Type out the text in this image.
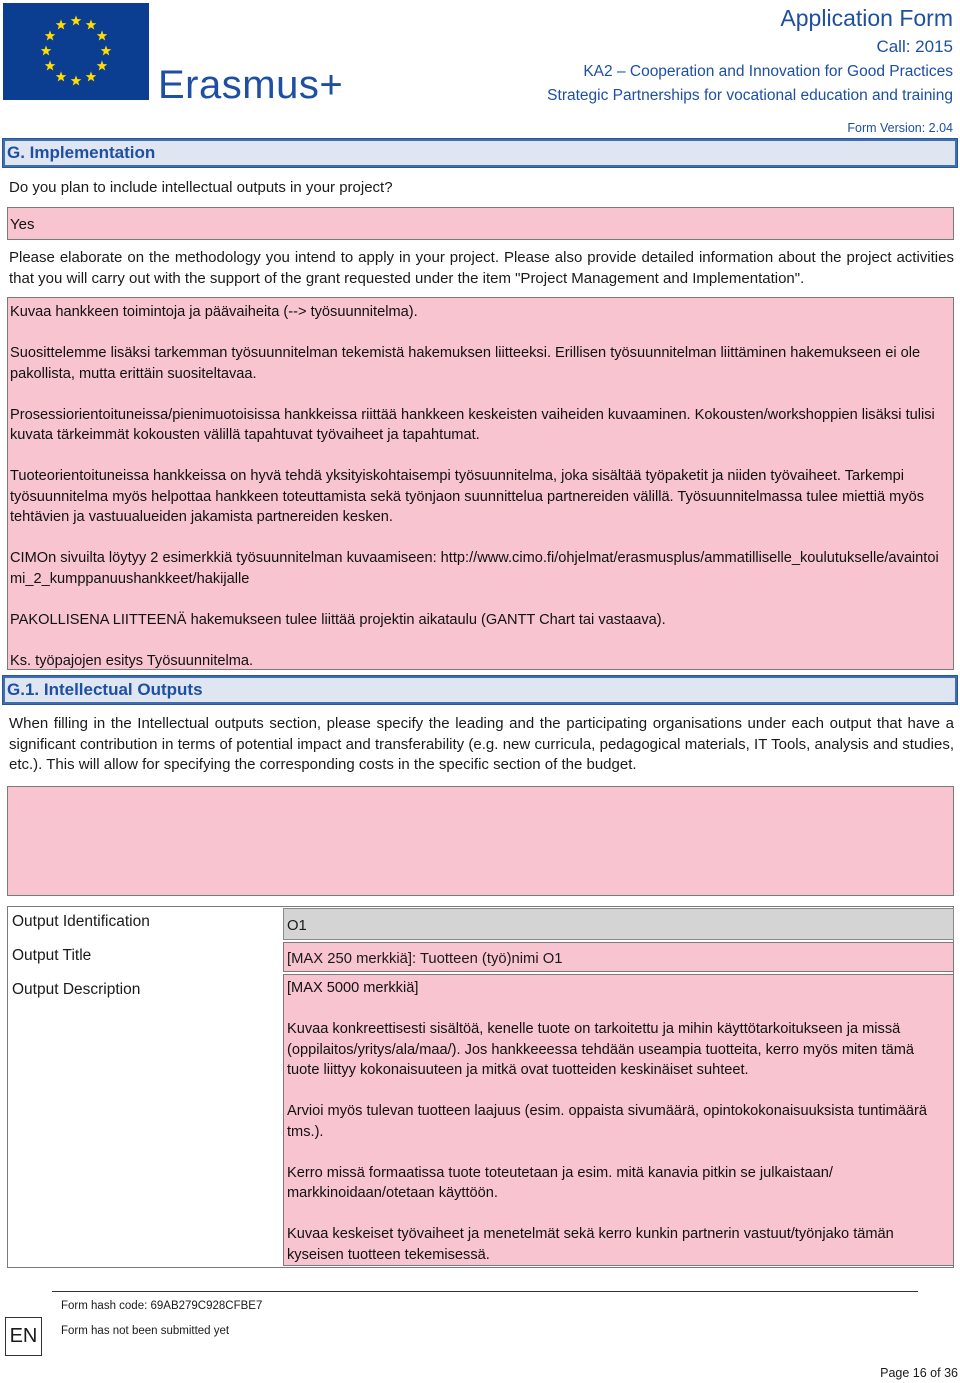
Erasmus+
Application Form
Call: 2015
KA2 – Cooperation and Innovation for Good Practices
Strategic Partnerships for vocational education and training
Form Version: 2.04
G. Implementation
Do you plan to include intellectual outputs in your project?
Yes
Please elaborate on the methodology you intend to apply in your project. Please also provide detailed information about the project activities that you will carry out with the support of the grant requested under the item "Project Management and Implementation".

Kuvaa hankkeen toimintoja ja päävaiheita (--> työsuunnitelma).

Suosittelemme lisäksi tarkemman työsuunnitelman tekemistä hakemuksen liitteeksi. Erillisen työsuunnitelman liittäminen hakemukseen ei ole pakollista, mutta erittäin suositeltavaa.

Prosessiorientoituneissa/pienimuotoisissa hankkeissa riittää hankkeen keskeisten vaiheiden kuvaaminen. Kokousten/workshoppien lisäksi tulisi kuvata tärkeimmät kokousten välillä tapahtuvat työvaiheet ja tapahtumat.

Tuoteorientoituneissa hankkeissa on hyvä tehdä yksityiskohtaisempi työsuunnitelma, joka sisältää työpaketit ja niiden työvaiheet. Tarkempi työsuunnitelma myös helpottaa hankkeen toteuttamista sekä työnjaon suunnittelua partnereiden välillä. Työsuunnitelmassa tulee miettiä myös tehtävien ja vastuualueiden jakamista partnereiden kesken.

CIMOn sivuilta löytyy 2 esimerkkiä työsuunnitelman kuvaamiseen: http://www.cimo.fi/ohjelmat/erasmusplus/ammatilliselle_koulutukselle/avaintoimi_2_kumppanuushankkeet/hakijalle

PAKOLLISENA LIITTEENÄ hakemukseen tulee liittää projektin aikataulu (GANTT Chart tai vastaava).

Ks. työpajojen esitys Työsuunnitelma.

G.1. Intellectual Outputs
When filling in the Intellectual outputs section, please specify the leading and the participating organisations under each output that have a significant contribution in terms of potential impact and transferability (e.g. new curricula, pedagogical materials, IT Tools, analysis and studies, etc.). This will allow for specifying the corresponding costs in the specific section of the budget.
Output Identification	O1
Output Title	[MAX 250 merkkiä]: Tuotteen (työ)nimi O1
Output Description	[MAX 5000 merkkiä]

Kuvaa konkreettisesti sisältöä, kenelle tuote on tarkoitettu ja mihin käyttötarkoitukseen ja missä (oppilaitos/yritys/ala/maa/). Jos hankkeeessa tehdään useampia tuotteita, kerro myös miten tämä tuote liittyy kokonaisuuteen ja mitkä ovat tuotteiden keskinäiset suhteet.

Arvioi myös tulevan tuotteen laajuus (esim. oppaista sivumäärä, opintokokonaisuuksista tuntimäärä tms.).

Kerro missä formaatissa tuote toteutetaan ja esim. mitä kanavia pitkin se julkaistaan/ markkinoidaan/otetaan käyttöön.

Kuvaa keskeiset työvaiheet ja menetelmät sekä kerro kunkin partnerin vastuut/työnjako tämän kyseisen tuotteen tekemisessä.

EN
Form hash code: 69AB279C928CFBE7
Form has not been submitted yet
Page 16 of 36
